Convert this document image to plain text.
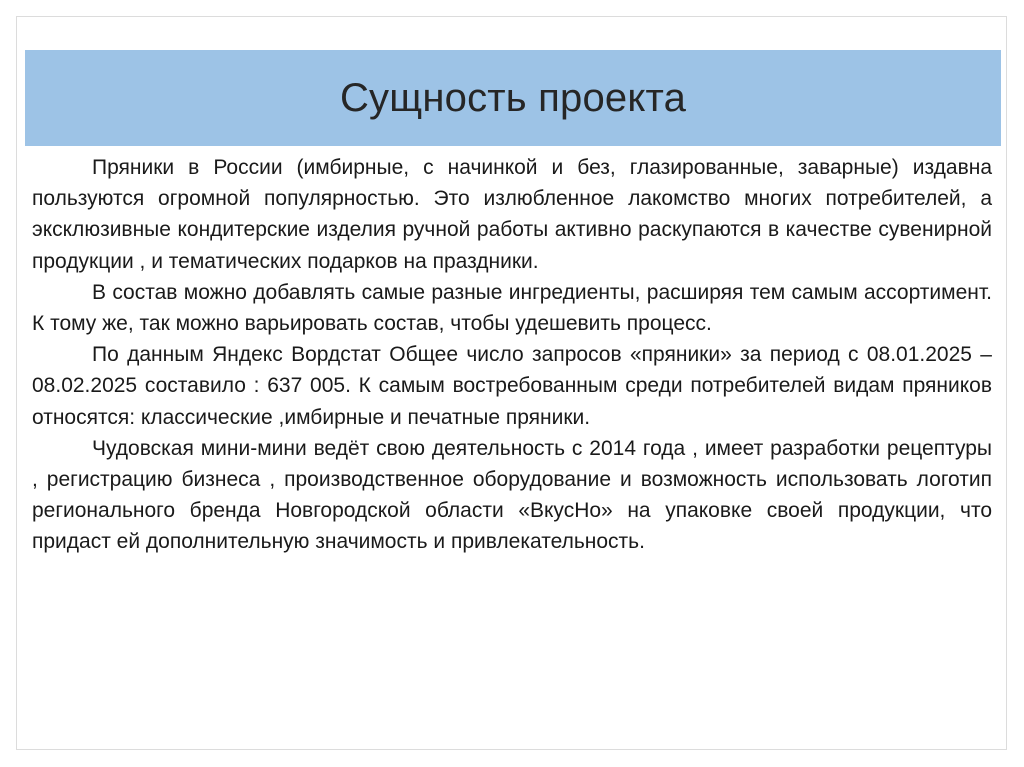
Сущность проекта

Пряники в России (имбирные, с начинкой и без, глазированные, заварные) издавна пользуются огромной популярностью. Это излюбленное лакомство многих потребителей, а эксклюзивные кондитерские изделия ручной работы активно раскупаются в качестве сувенирной продукции , и тематических подарков на праздники.

В состав можно добавлять самые разные ингредиенты, расширяя тем самым ассортимент. К тому же, так можно варьировать состав, чтобы удешевить процесс.

По данным Яндекс Вордстат Общее число запросов «пряники» за период с 08.01.2025 – 08.02.2025 составило : 637 005. К самым востребованным среди потребителей видам пряников относятся: классические ,имбирные и печатные пряники.

Чудовская мини-мини ведёт свою деятельность с 2014 года , имеет разработки рецептуры , регистрацию бизнеса , производственное оборудование и возможность использовать логотип регионального бренда Новгородской области «ВкусНо» на упаковке своей продукции, что придаст ей дополнительную значимость и привлекательность.
